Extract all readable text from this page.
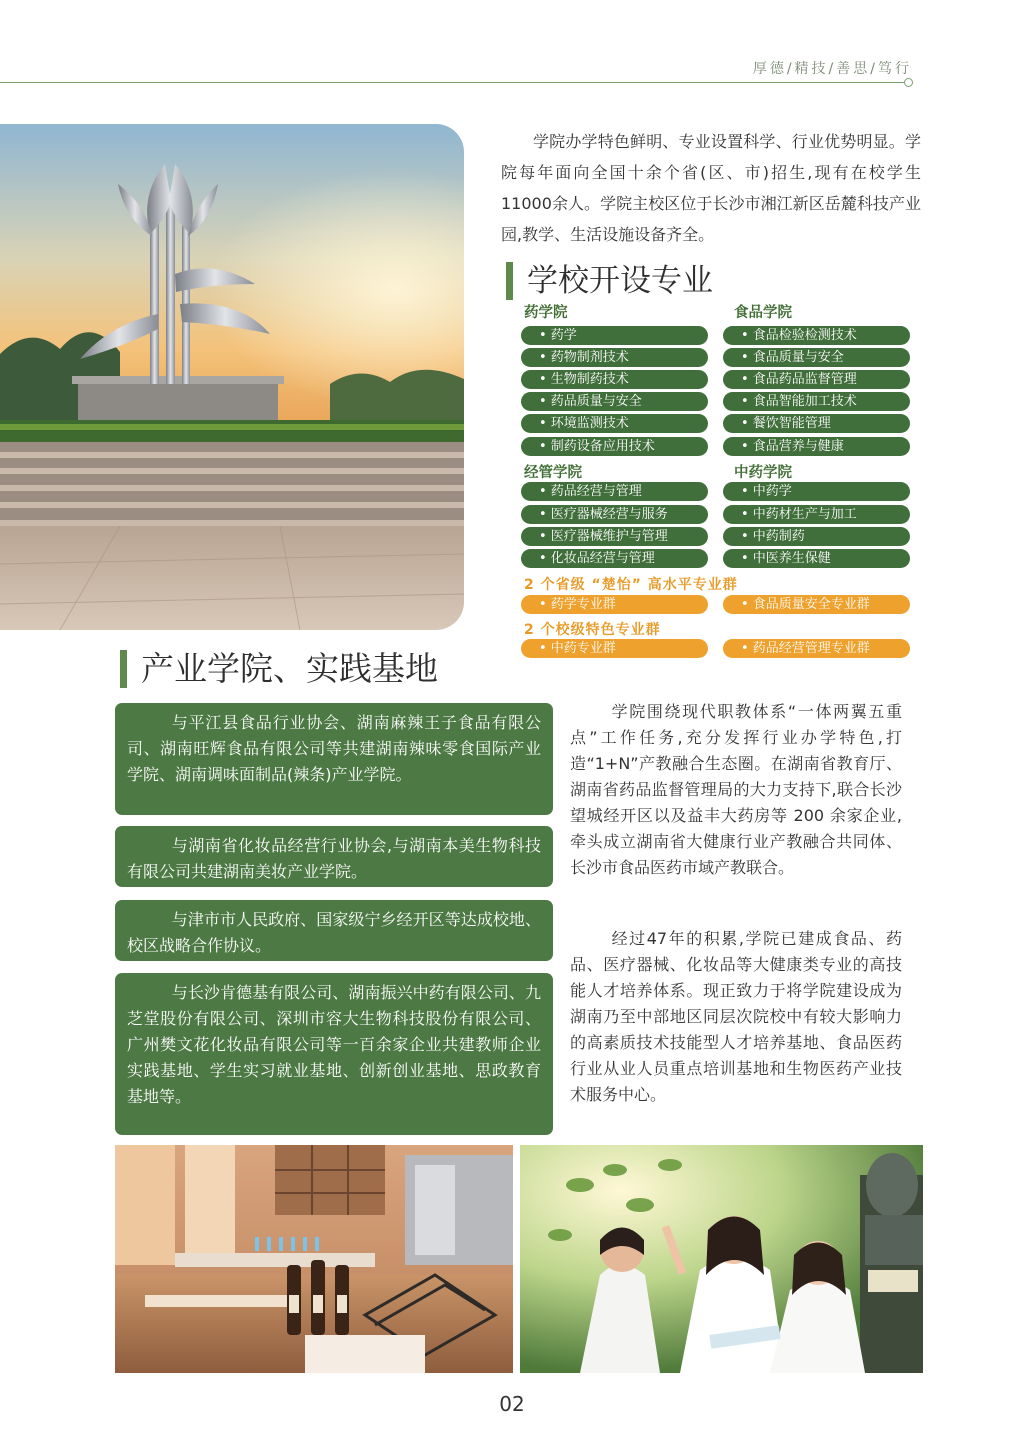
厚德/精技/善思/笃行
学院办学特色鲜明、专业设置科学、行业优势明显。学院每年面向全国十余个省(区、市)招生,现有在校学生11000余人。学院主校区位于长沙市湘江新区岳麓科技产业园,教学、生活设施设备齐全。
学校开设专业
药学院
• 药学
• 药物制剂技术
• 生物制药技术
• 药品质量与安全
• 环境监测技术
• 制药设备应用技术
食品学院
• 食品检验检测技术
• 食品质量与安全
• 食品药品监督管理
• 食品智能加工技术
• 餐饮智能管理
• 食品营养与健康
经管学院
• 药品经营与管理
• 医疗器械经营与服务
• 医疗器械维护与管理
• 化妆品经营与管理
中药学院
• 中药学
• 中药材生产与加工
• 中药制药
• 中医养生保健
2 个省级 “楚怡” 高水平专业群
• 药学专业群	• 食品质量安全专业群
2 个校级特色专业群
• 中药专业群	• 药品经营管理专业群
产业学院、实践基地
与平江县食品行业协会、湖南麻辣王子食品有限公司、湖南旺辉食品有限公司等共建湖南辣味零食国际产业学院、湖南调味面制品(辣条)产业学院。
与湖南省化妆品经营行业协会,与湖南本美生物科技有限公司共建湖南美妆产业学院。
与津市市人民政府、国家级宁乡经开区等达成校地、校区战略合作协议。
与长沙肯德基有限公司、湖南振兴中药有限公司、九芝堂股份有限公司、深圳市容大生物科技股份有限公司、广州樊文花化妆品有限公司等一百余家企业共建教师企业实践基地、学生实习就业基地、创新创业基地、思政教育基地等。
学院围绕现代职教体系“一体两翼五重点”工作任务,充分发挥行业办学特色,打造“1+N”产教融合生态圈。在湖南省教育厅、湖南省药品监督管理局的大力支持下,联合长沙望城经开区以及益丰大药房等 200 余家企业,牵头成立湖南省大健康行业产教融合共同体、长沙市食品医药市域产教联合。
经过47年的积累,学院已建成食品、药品、医疗器械、化妆品等大健康类专业的高技能人才培养体系。现正致力于将学院建设成为湖南乃至中部地区同层次院校中有较大影响力的高素质技术技能型人才培养基地、食品医药行业从业人员重点培训基地和生物医药产业技术服务中心。
02
